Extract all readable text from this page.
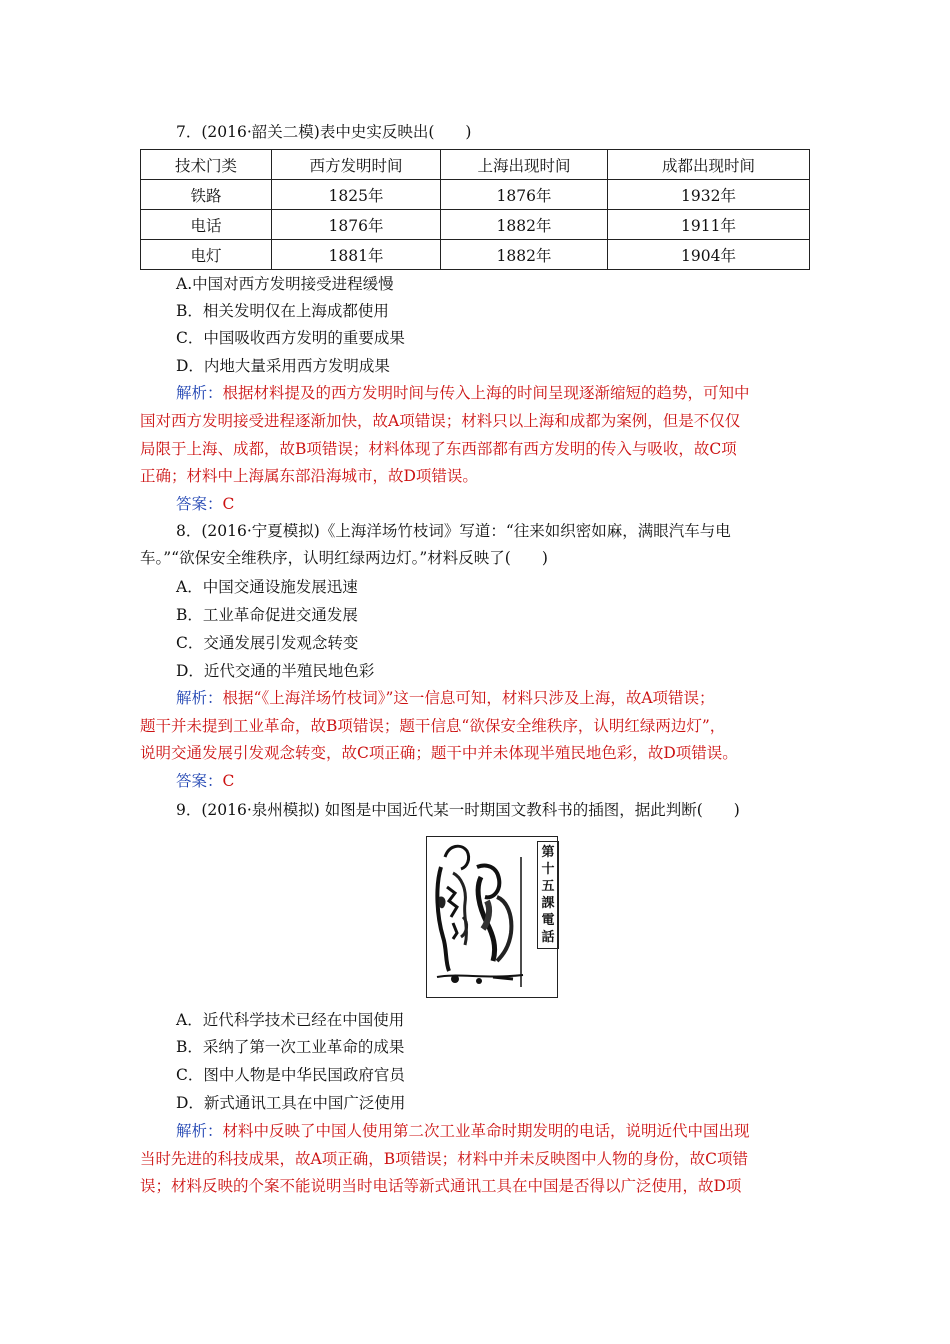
7．(2016·韶关二模)表中史实反映出(　　)
技术门类	西方发明时间	上海出现时间	成都出现时间
铁路	1825年	1876年	1932年
电话	1876年	1882年	1911年
电灯	1881年	1882年	1904年
A.中国对西方发明接受进程缓慢
B．相关发明仅在上海成都使用
C．中国吸收西方发明的重要成果
D．内地大量采用西方发明成果
解析：根据材料提及的西方发明时间与传入上海的时间呈现逐渐缩短的趋势，可知中
国对西方发明接受进程逐渐加快，故A项错误；材料只以上海和成都为案例，但是不仅仅
局限于上海、成都，故B项错误；材料体现了东西部都有西方发明的传入与吸收，故C项
正确；材料中上海属东部沿海城市，故D项错误。
答案：C
8．(2016·宁夏模拟)《上海洋场竹枝词》写道：“往来如织密如麻，满眼汽车与电
车。”“欲保安全维秩序，认明红绿两边灯。”材料反映了(　　)
A．中国交通设施发展迅速
B．工业革命促进交通发展
C．交通发展引发观念转变
D．近代交通的半殖民地色彩
解析：根据“《上海洋场竹枝词》”这一信息可知，材料只涉及上海，故A项错误；
题干并未提到工业革命，故B项错误；题干信息“欲保安全维秩序，认明红绿两边灯”，
说明交通发展引发观念转变，故C项正确；题干中并未体现半殖民地色彩，故D项错误。
答案：C
9．(2016·泉州模拟) 如图是中国近代某一时期国文教科书的插图，据此判断(　　)
第十五課電話
A．近代科学技术已经在中国使用
B．采纳了第一次工业革命的成果
C．图中人物是中华民国政府官员
D．新式通讯工具在中国广泛使用
解析：材料中反映了中国人使用第二次工业革命时期发明的电话，说明近代中国出现
当时先进的科技成果，故A项正确，B项错误；材料中并未反映图中人物的身份，故C项错
误；材料反映的个案不能说明当时电话等新式通讯工具在中国是否得以广泛使用，故D项
